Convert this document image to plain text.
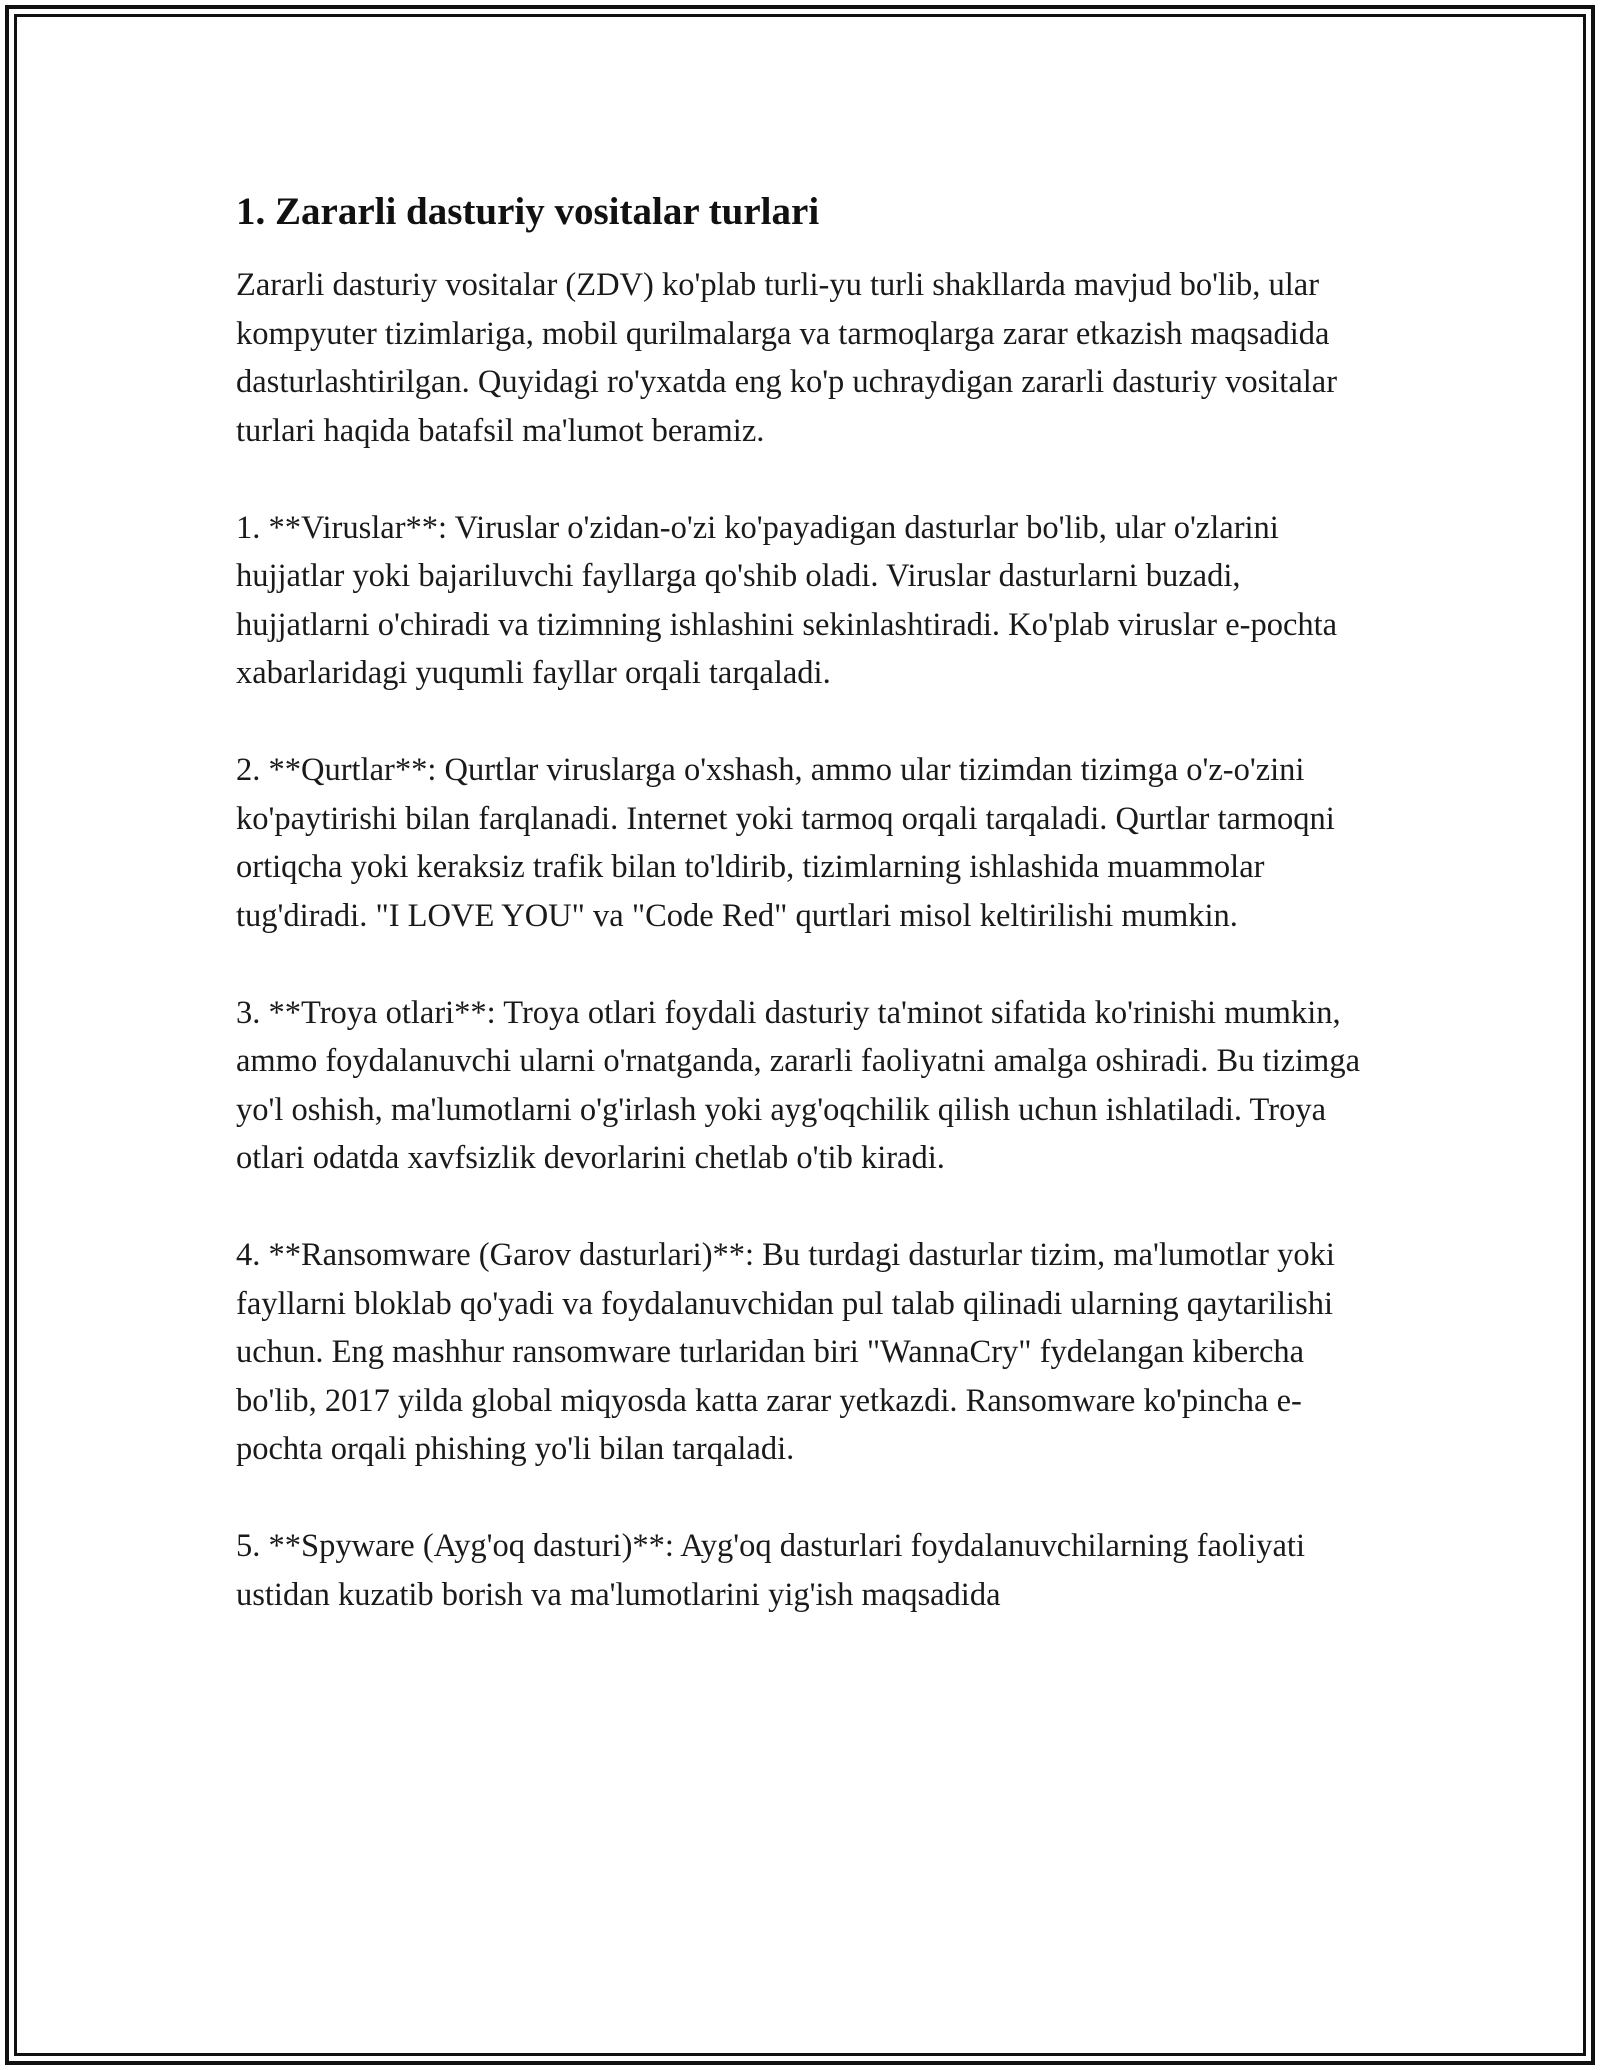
1. Zararli dasturiy vositalar turlari

Zararli dasturiy vositalar (ZDV) ko'plab turli-yu turli shakllarda mavjud bo'lib, ular kompyuter tizimlariga, mobil qurilmalarga va tarmoqlarga zarar etkazish maqsadida dasturlashtirilgan. Quyidagi ro'yxatda eng ko'p uchraydigan zararli dasturiy vositalar turlari haqida batafsil ma'lumot beramiz.

1. **Viruslar**: Viruslar o'zidan-o'zi ko'payadigan dasturlar bo'lib, ular o'zlarini hujjatlar yoki bajariluvchi fayllarga qo'shib oladi. Viruslar dasturlarni buzadi, hujjatlarni o'chiradi va tizimning ishlashini sekinlashtiradi. Ko'plab viruslar e-pochta xabarlaridagi yuqumli fayllar orqali tarqaladi.

2. **Qurtlar**: Qurtlar viruslarga o'xshash, ammo ular tizimdan tizimga o'z-o'zini ko'paytirishi bilan farqlanadi. Internet yoki tarmoq orqali tarqaladi. Qurtlar tarmoqni ortiqcha yoki keraksiz trafik bilan to'ldirib, tizimlarning ishlashida muammolar tug'diradi. "I LOVE YOU" va "Code Red" qurtlari misol keltirilishi mumkin.

3. **Troya otlari**: Troya otlari foydali dasturiy ta'minot sifatida ko'rinishi mumkin, ammo foydalanuvchi ularni o'rnatganda, zararli faoliyatni amalga oshiradi. Bu tizimga yo'l oshish, ma'lumotlarni o'g'irlash yoki ayg'oqchilik qilish uchun ishlatiladi. Troya otlari odatda xavfsizlik devorlarini chetlab o'tib kiradi.

4. **Ransomware (Garov dasturlari)**: Bu turdagi dasturlar tizim, ma'lumotlar yoki fayllarni bloklab qo'yadi va foydalanuvchidan pul talab qilinadi ularning qaytarilishi uchun. Eng mashhur ransomware turlaridan biri "WannaCry" fydelangan kibercha bo'lib, 2017 yilda global miqyosda katta zarar yetkazdi. Ransomware ko'pincha e-pochta orqali phishing yo'li bilan tarqaladi.

5. **Spyware (Ayg'oq dasturi)**: Ayg'oq dasturlari foydalanuvchilarning faoliyati ustidan kuzatib borish va ma'lumotlarini yig'ish maqsadida
